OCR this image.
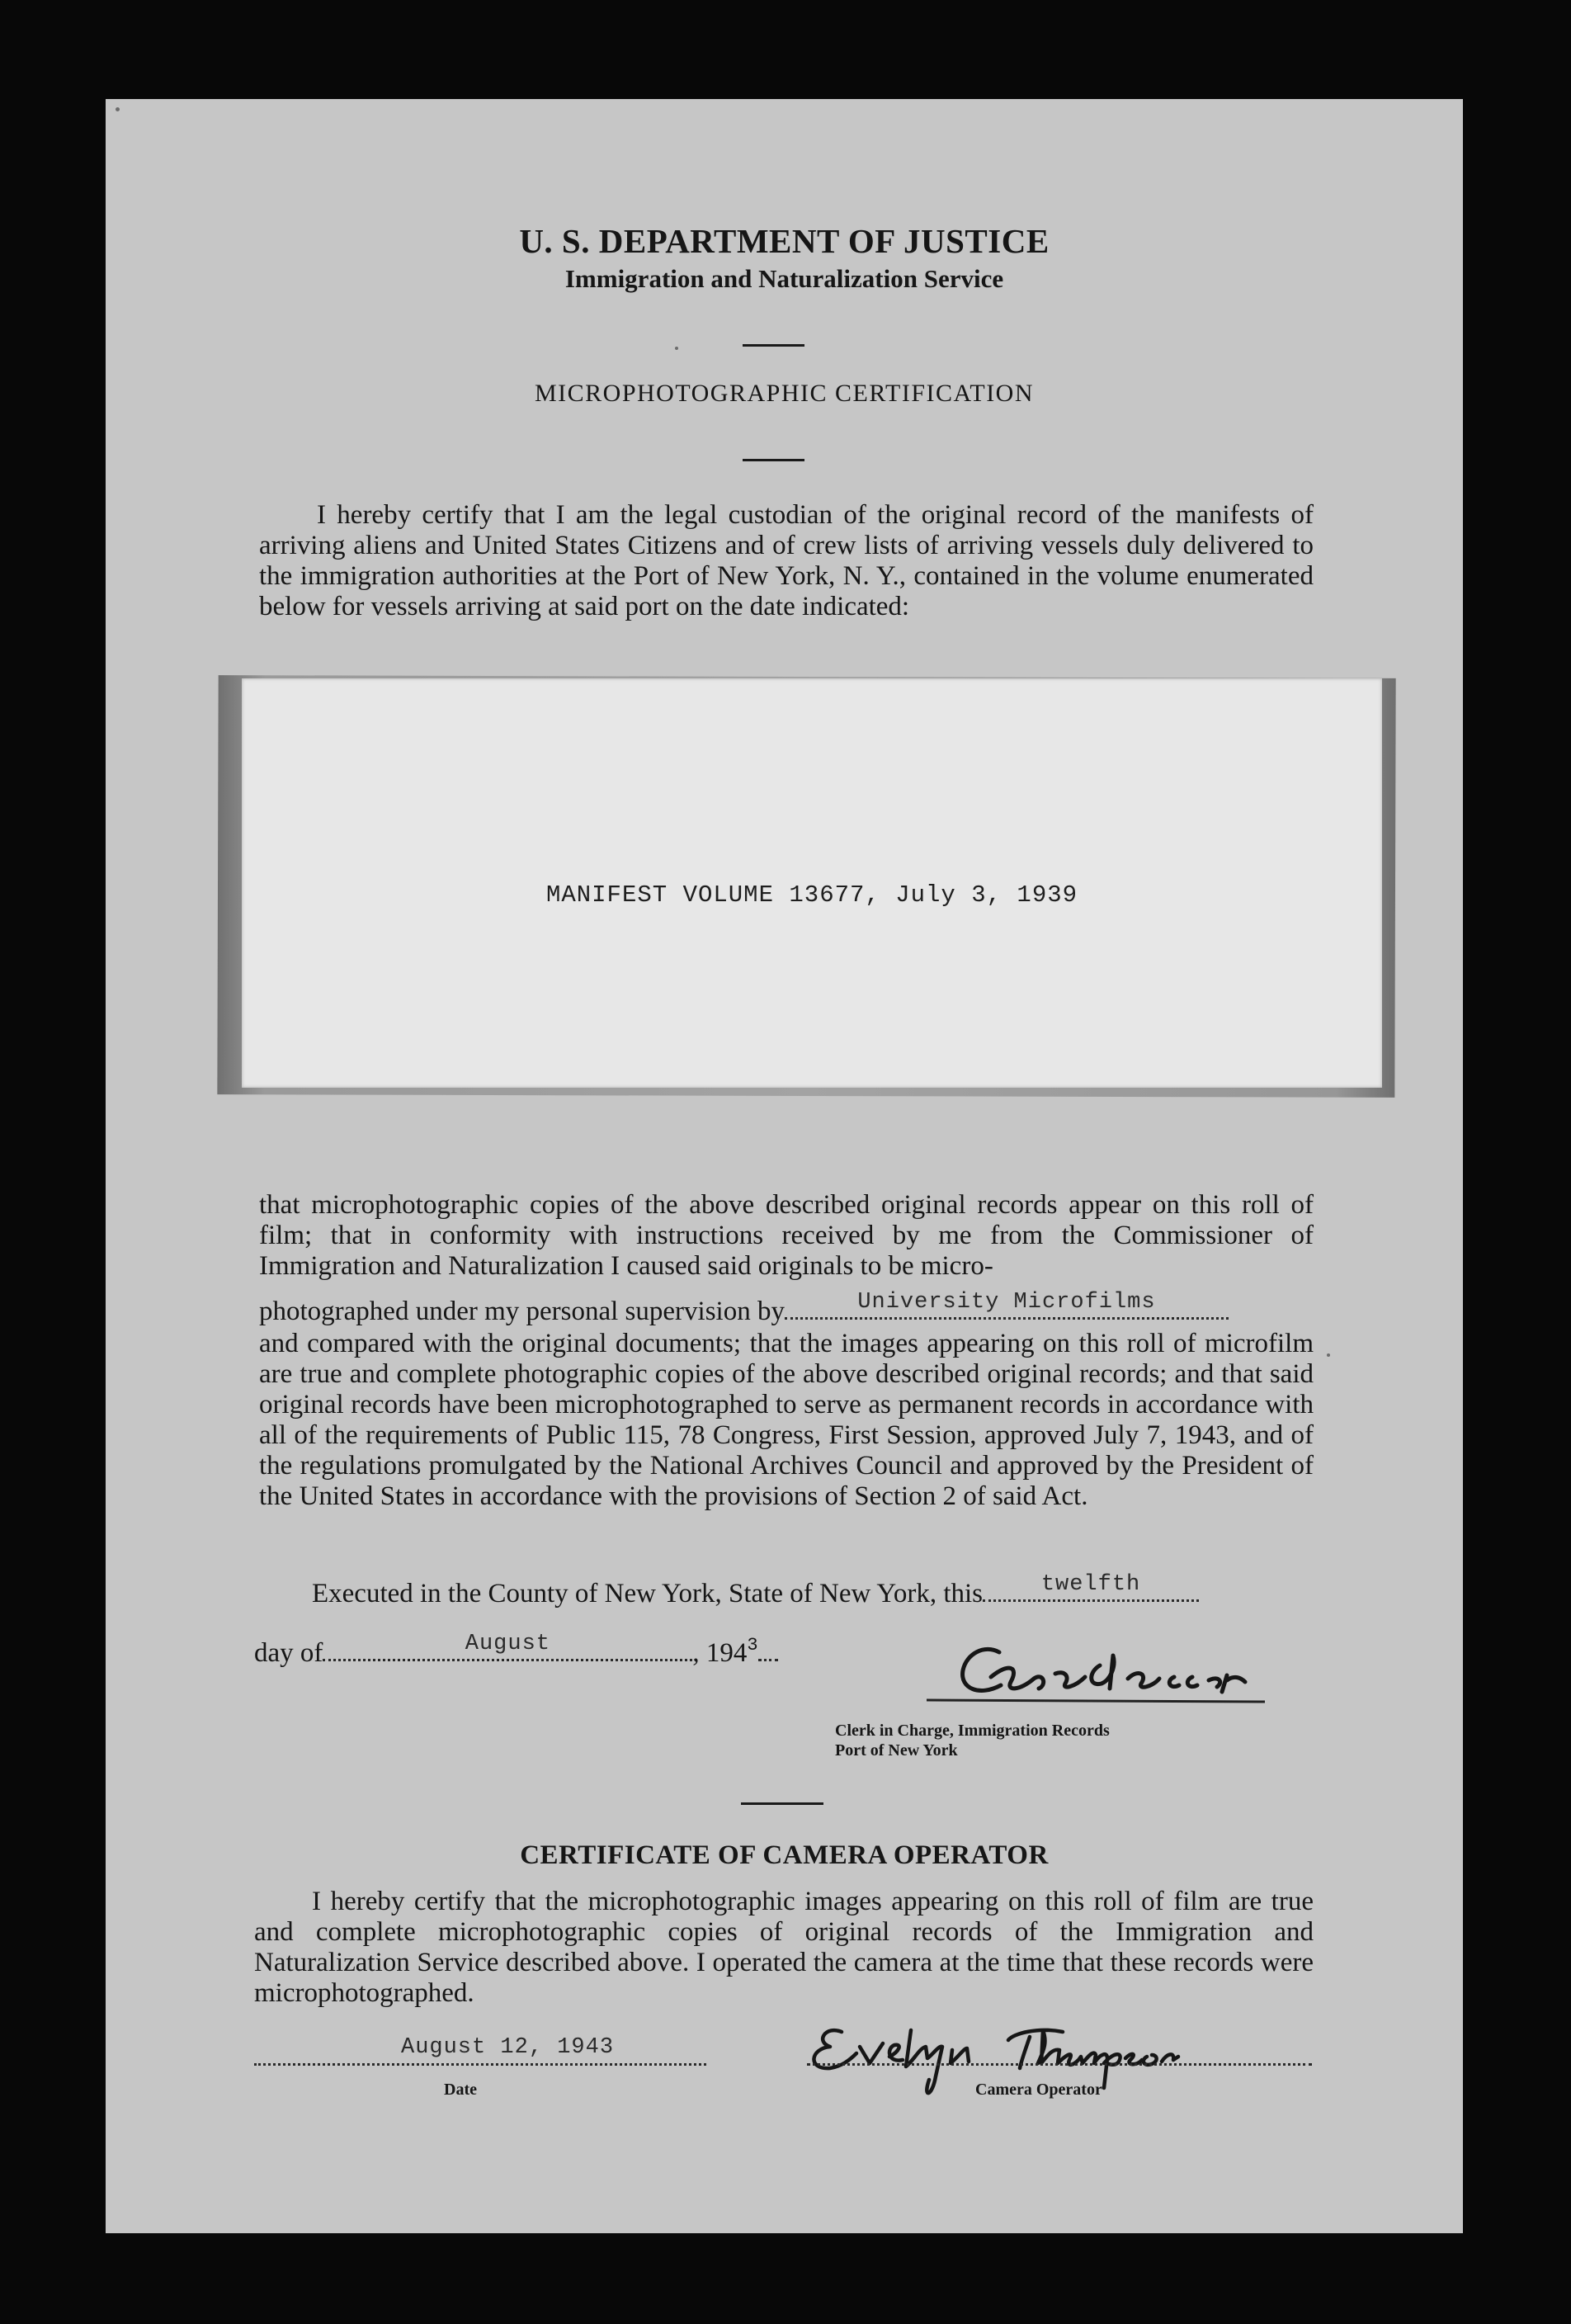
U. S. DEPARTMENT OF JUSTICE
Immigration and Naturalization Service
MICROPHOTOGRAPHIC CERTIFICATION

I hereby certify that I am the legal custodian of the original record of the manifests of arriving aliens and United States Citizens and of crew lists of arriving vessels duly delivered to the immigration authorities at the Port of New York, N. Y., contained in the volume enumerated below for vessels arriving at said port on the date indicated:

MANIFEST VOLUME 13677, July 3, 1939

that microphotographic copies of the above described original records appear on this roll of film; that in conformity with instructions received by me from the Commissioner of Immigration and Naturalization I caused said originals to be micro-

photographed under my personal supervision by	University Microfilms

and compared with the original documents; that the images appearing on this roll of microfilm are true and complete photographic copies of the above described original records; and that said original records have been microphotographed to serve as permanent records in accordance with all of the requirements of Public 115, 78 Congress, First Session, approved July 7, 1943, and of the regulations promulgated by the National Archives Council and approved by the President of the United States in accordance with the provisions of Section 2 of said Act.

Executed in the County of New York, State of New York, this	twelfth
day of	August	, $194^3$
Clerk in Charge, Immigration Records
Port of New York
CERTIFICATE OF CAMERA OPERATOR

I hereby certify that the microphotographic images appearing on this roll of film are true and complete microphotographic copies of original records of the Immigration and Naturalization Service described above. I operated the camera at the time that these records were microphotographed.

August 12, 1943
Date	Camera Operator
